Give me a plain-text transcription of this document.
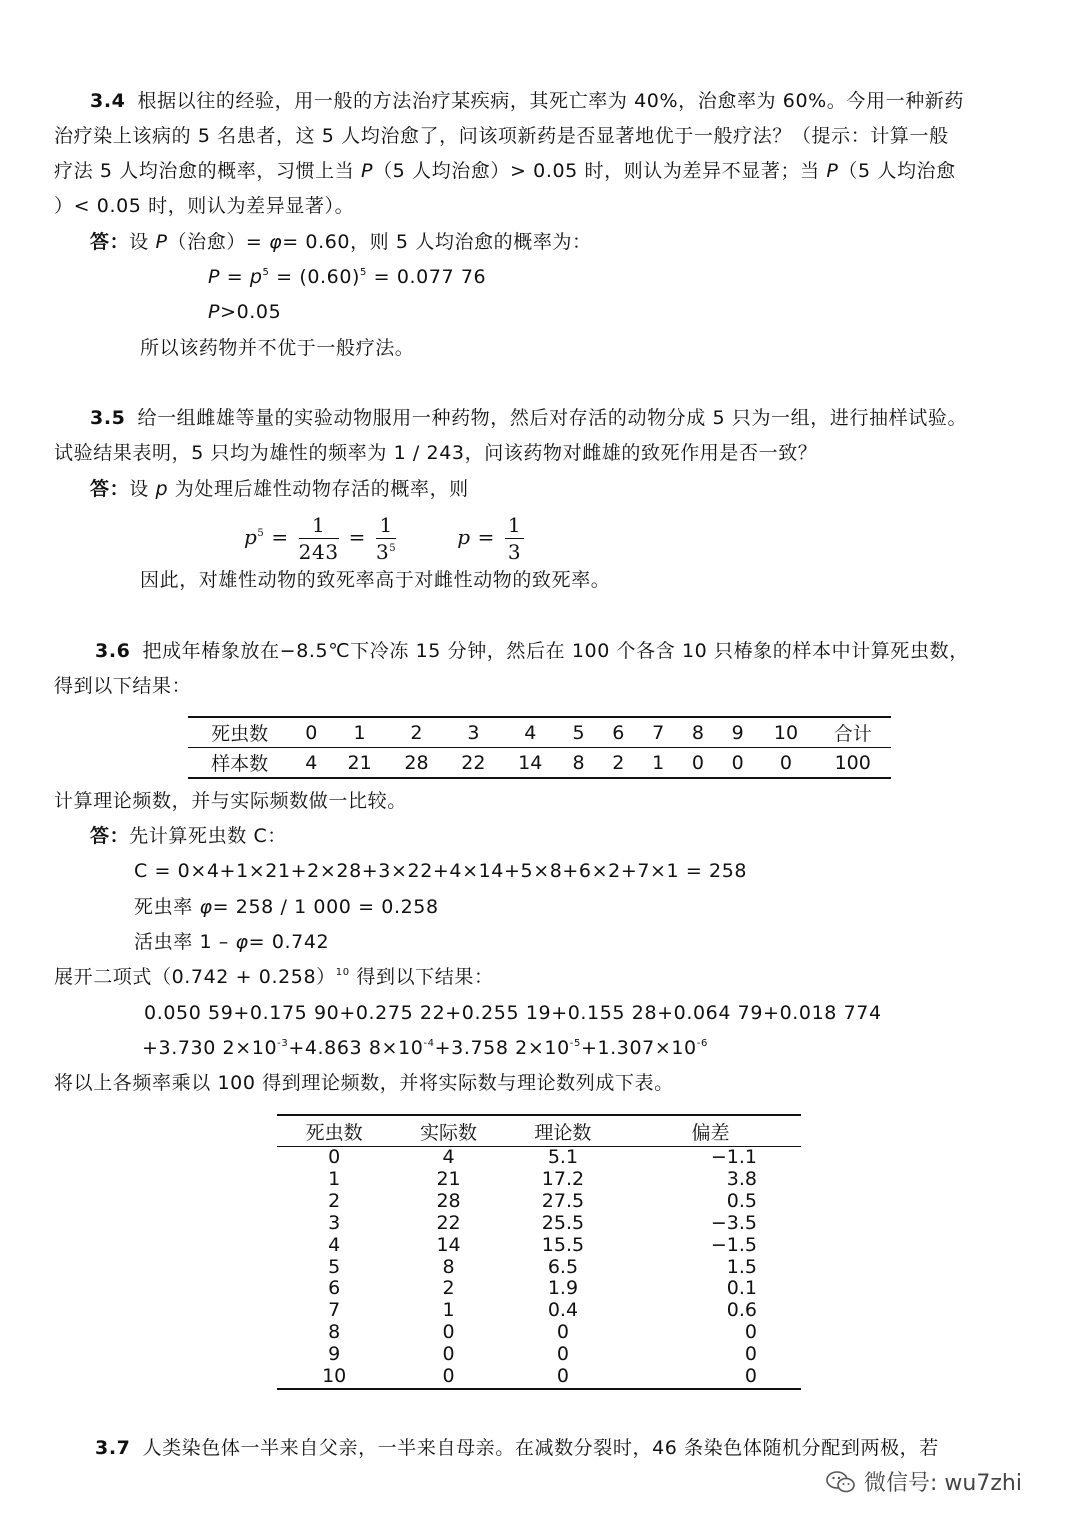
3.4 根据以往的经验，用一般的方法治疗某疾病，其死亡率为 40%，治愈率为 60%。今用一种新药
治疗染上该病的 5 名患者，这 5 人均治愈了，问该项新药是否显著地优于一般疗法？（提示：计算一般
疗法 5 人均治愈的概率，习惯上当 P（5 人均治愈）> 0.05 时，则认为差异不显著；当 P（5 人均治愈
）< 0.05 时，则认为差异显著）。
答：设 P（治愈）= φ= 0.60，则 5 人均治愈的概率为：
$P = p^5 = (0.60)^5 = 0.077$ 76
P>0.05
所以该药物并不优于一般疗法。
3.5 给一组雌雄等量的实验动物服用一种药物，然后对存活的动物分成 5 只为一组，进行抽样试验。
试验结果表明，5 只均为雄性的频率为 1 / 243，问该药物对雌雄的致死作用是否一致？
答：设 p 为处理后雄性动物存活的概率，则
$p^5 = \frac{1}{243} = \frac{1}{3^5}$	$p = \frac{1}{3}$
因此，对雄性动物的致死率高于对雌性动物的致死率。
3.6 把成年椿象放在−8.5℃下冷冻 15 分钟，然后在 100 个各含 10 只椿象的样本中计算死虫数，
得到以下结果：
死虫数	0	1	2	3	4	5	6	7	8	9	10	合计
样本数	4	21	28	22	14	8	2	1	0	0	0	100
计算理论频数，并与实际频数做一比较。
答：先计算死虫数 C：
C = 0×4+1×21+2×28+3×22+4×14+5×8+6×2+7×1 = 258
死虫率 φ= 258 / 1 000 = 0.258
活虫率 1 – φ= 0.742
展开二项式$(0.742 + 0.258)^{10}$ 得到以下结果：
0.050 59+0.175 90+0.275 22+0.255 19+0.155 28+0.064 79+0.018 774
+3.730 $2\times 10^{-3}+4.863$ $8\times 10^{-4}+3.758$ $2\times 10^{-5}+1.307\times 10^{-6}$
将以上各频率乘以 100 得到理论频数，并将实际数与理论数列成下表。
死虫数	实际数	理论数	偏差
0	4	5.1	−1.1
1	21	17.2	3.8
2	28	27.5	0.5
3	22	25.5	−3.5
4	14	15.5	−1.5
5	8	6.5	1.5
6	2	1.9	0.1
7	1	0.4	0.6
8	0	0	0
9	0	0	0
10	0	0	0
3.7 人类染色体一半来自父亲，一半来自母亲。在减数分裂时，46 条染色体随机分配到两极，若
微信号: wu7zhi
